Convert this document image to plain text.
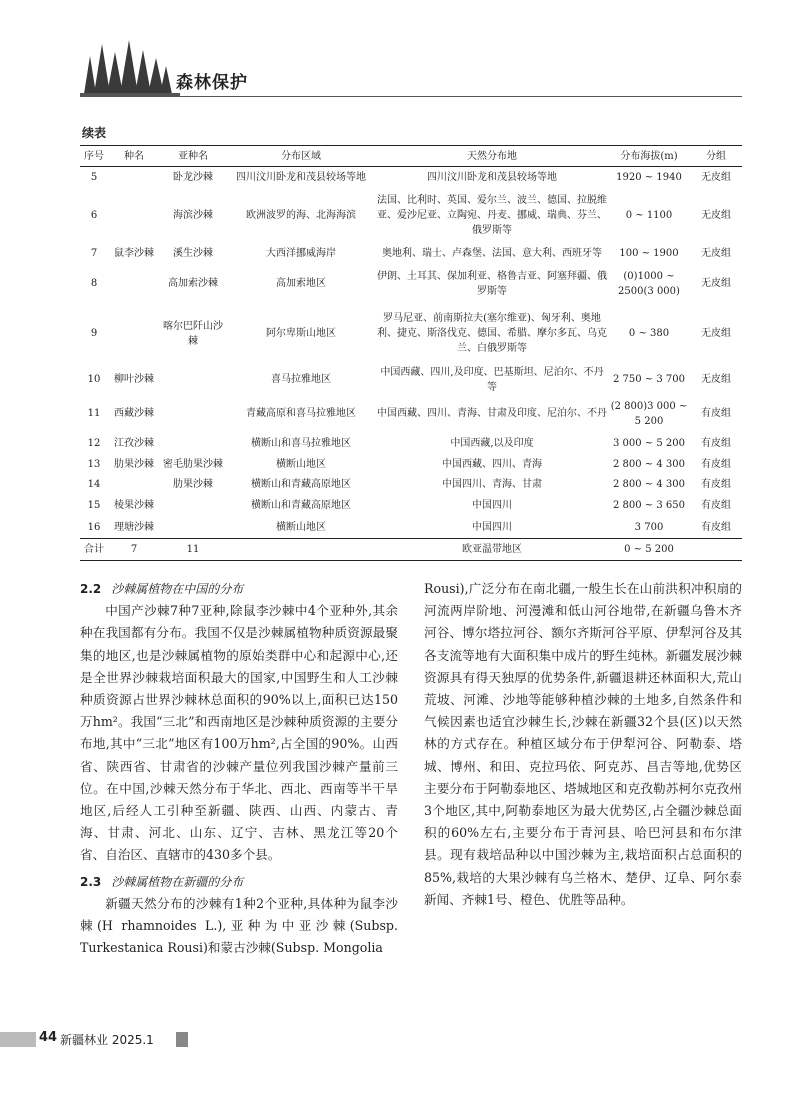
森林保护
续表
序号	种名	亚种名	分布区域	天然分布地	分布海拔(m)	分组
5		卧龙沙棘	四川汶川卧龙和茂县较场等地	四川汶川卧龙和茂县较场等地	1920 ~ 1940	无皮组
6		海滨沙棘	欧洲波罗的海、北海海滨	法国、比利时、英国、爱尔兰、波兰、德国、拉脱维亚、爱沙尼亚、立陶宛、丹麦、挪威、瑞典、芬兰、俄罗斯等	0 ~ 1100	无皮组
7	鼠李沙棘	溪生沙棘	大西洋挪威海岸	奥地利、瑞士、卢森堡、法国、意大利、西班牙等	100 ~ 1900	无皮组
8		高加索沙棘	高加索地区	伊朗、土耳其、保加利亚、格鲁吉亚、阿塞拜疆、俄罗斯等	(0)1000 ~ 2500(3 000)	无皮组
9		喀尔巴阡山沙棘	阿尔卑斯山地区	罗马尼亚、前南斯拉夫(塞尔维亚)、匈牙利、奥地利、捷克、斯洛伐克、德国、希腊、摩尔多瓦、乌克兰、白俄罗斯等	0 ~ 380	无皮组
10	柳叶沙棘		喜马拉雅地区	中国西藏、四川,及印度、巴基斯坦、尼泊尔、不丹等	2 750 ~ 3 700	无皮组
11	西藏沙棘		青藏高原和喜马拉雅地区	中国西藏、四川、青海、甘肃及印度、尼泊尔、不丹	(2 800)3 000 ~ 5 200	有皮组
12	江孜沙棘		横断山和喜马拉雅地区	中国西藏,以及印度	3 000 ~ 5 200	有皮组
13	肋果沙棘	密毛肋果沙棘	横断山地区	中国西藏、四川、青海	2 800 ~ 4 300	有皮组
14		肋果沙棘	横断山和青藏高原地区	中国四川、青海、甘肃	2 800 ~ 4 300	有皮组
15	棱果沙棘		横断山和青藏高原地区	中国四川	2 800 ~ 3 650	有皮组
16	理塘沙棘		横断山地区	中国四川	3 700	有皮组
合计	7	11		欧亚温带地区	0 ~ 5 200	
2.2 沙棘属植物在中国的分布

中国产沙棘7种7亚种,除鼠李沙棘中4个亚种外,其余种在我国都有分布。我国不仅是沙棘属植物种质资源最聚集的地区,也是沙棘属植物的原始类群中心和起源中心,还是全世界沙棘栽培面积最大的国家,中国野生和人工沙棘种质资源占世界沙棘林总面积的90%以上,面积已达150万hm²。我国“三北”和西南地区是沙棘种质资源的主要分布地,其中“三北”地区有100万hm²,占全国的90%。山西省、陕西省、甘肃省的沙棘产量位列我国沙棘产量前三位。在中国,沙棘天然分布于华北、西北、西南等半干旱地区,后经人工引种至新疆、陕西、山西、内蒙古、青海、甘肃、河北、山东、辽宁、吉林、黑龙江等20个省、自治区、直辖市的430多个县。

2.3 沙棘属植物在新疆的分布

新疆天然分布的沙棘有1种2个亚种,具体种为鼠李沙棘(H rhamnoides L.),亚种为中亚沙棘(Subsp. Turkestanica Rousi)和蒙古沙棘(Subsp. Mongolia

Rousi),广泛分布在南北疆,一般生长在山前洪积冲积扇的河流两岸阶地、河漫滩和低山河谷地带,在新疆乌鲁木齐河谷、博尔塔拉河谷、额尔齐斯河谷平原、伊犁河谷及其各支流等地有大面积集中成片的野生纯林。新疆发展沙棘资源具有得天独厚的优势条件,新疆退耕还林面积大,荒山荒坡、河滩、沙地等能够种植沙棘的土地多,自然条件和气候因素也适宜沙棘生长,沙棘在新疆32个县(区)以天然林的方式存在。种植区域分布于伊犁河谷、阿勒泰、塔城、博州、和田、克拉玛依、阿克苏、昌吉等地,优势区主要分布于阿勒泰地区、塔城地区和克孜勒苏柯尔克孜州3个地区,其中,阿勒泰地区为最大优势区,占全疆沙棘总面积的60%左右,主要分布于青河县、哈巴河县和布尔津县。现有栽培品种以中国沙棘为主,栽培面积占总面积的85%,栽培的大果沙棘有乌兰格木、楚伊、辽阜、阿尔泰新闻、齐棘1号、橙色、优胜等品种。

44 新疆林业 2025.1
